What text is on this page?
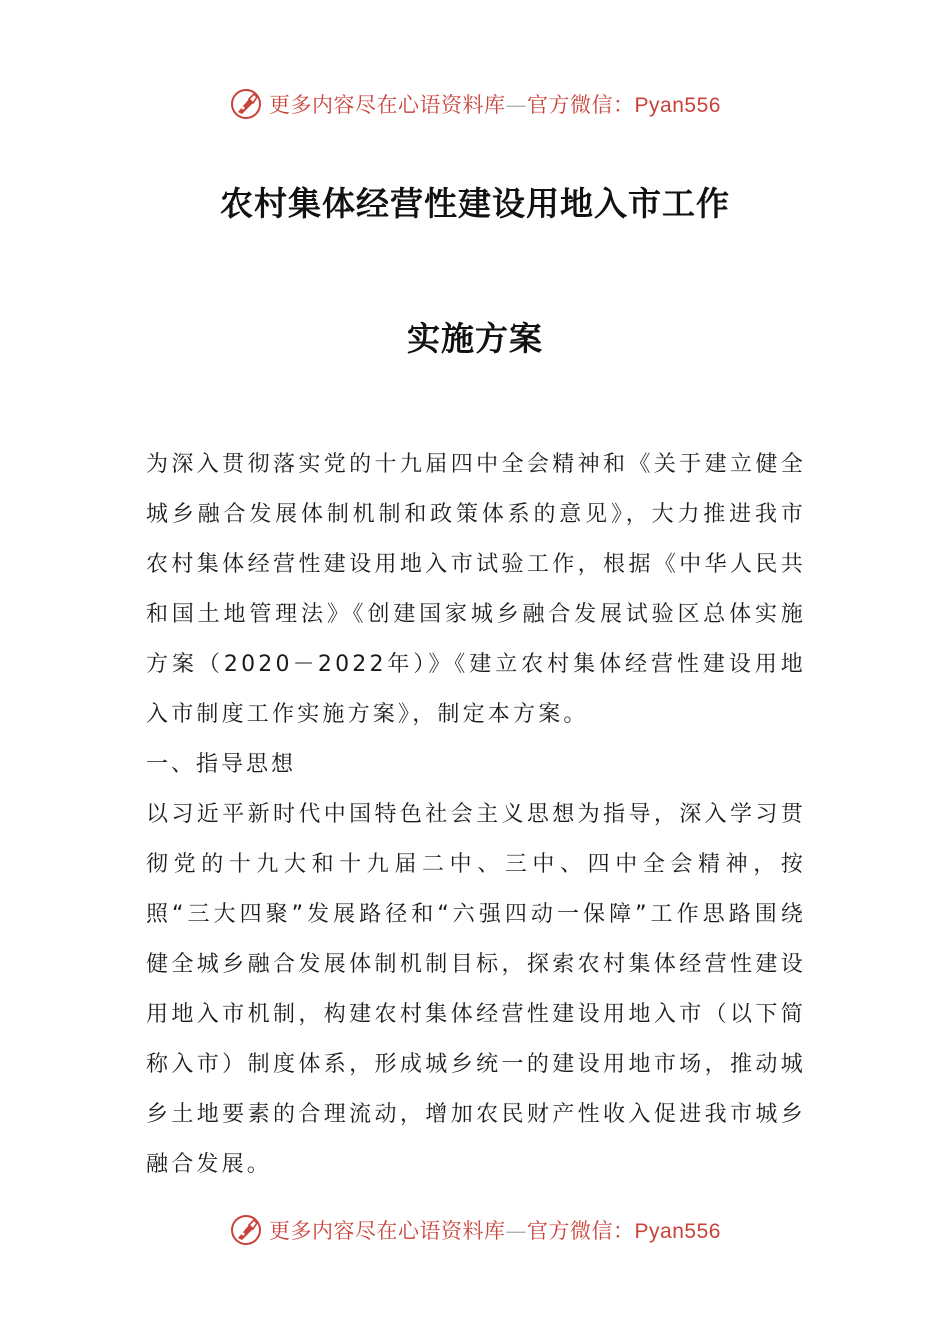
更多内容尽在心语资料库—官方微信：Pyan556
农村集体经营性建设用地入市工作
实施方案

为深入贯彻落实党的十九届四中全会精神和《关于建立健全城乡融合发展体制机制和政策体系的意见》，大力推进我市农村集体经营性建设用地入市试验工作，根据《中华人民共和国土地管理法》《创建国家城乡融合发展试验区总体实施方案（2020－2022年）》《建立农村集体经营性建设用地入市制度工作实施方案》，制定本方案。

一、指导思想

以习近平新时代中国特色社会主义思想为指导，深入学习贯彻党的十九大和十九届二中、三中、四中全会精神，按照“三大四聚”发展路径和“六强四动一保障”工作思路围绕健全城乡融合发展体制机制目标，探索农村集体经营性建设用地入市机制，构建农村集体经营性建设用地入市（以下简称入市）制度体系，形成城乡统一的建设用地市场，推动城乡土地要素的合理流动，增加农民财产性收入促进我市城乡融合发展。

更多内容尽在心语资料库—官方微信：Pyan556
